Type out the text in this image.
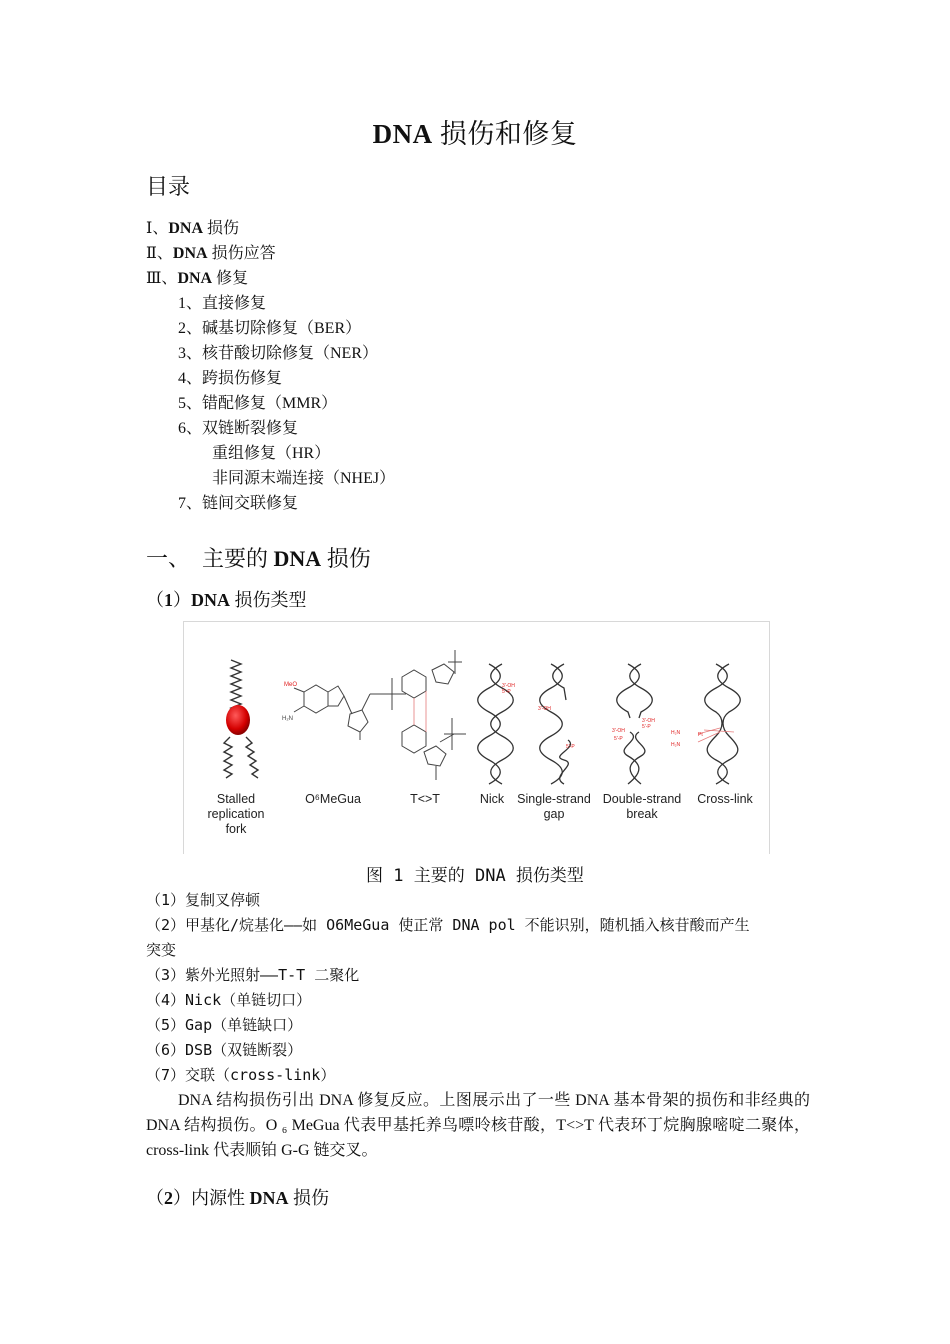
DNA 损伤和修复
目录
Ⅰ、DNA 损伤
Ⅱ、DNA 损伤应答
Ⅲ、DNA 修复
1、直接修复
2、碱基切除修复（BER）
3、核苷酸切除修复（NER）
4、跨损伤修复
5、错配修复（MMR）
6、双链断裂修复
重组修复（HR）
非同源末端连接（NHEJ）
7、链间交联修复
一、 主要的 DNA 损伤
（1）DNA 损伤类型
MeO
H₂N
3'-OH
5'-P
3'-OH
5'-P
3'-OH
5'-P
3'-OH
5'-P
H₂N
H₂N
Pt
Stalled
replication
fork
O⁶MeGua	T<>T	Nick	Single-strand
gap
Double-strand
break
Cross-link
图 1 主要的 DNA 损伤类型
（1）复制叉停顿
（2）甲基化/烷基化——如 O6MeGua 使正常 DNA pol 不能识别，随机插入核苷酸而产生
突变
（3）紫外光照射——T-T 二聚化
（4）Nick（单链切口）
（5）Gap（单链缺口）
（6）DSB（双链断裂）
（7）交联（cross-link）
DNA 结构损伤引出 DNA 修复反应。上图展示出了一些 DNA 基本骨架的损伤和非经典的 DNA 结构损伤。O ₆ MeGua 代表甲基托养鸟嘌呤核苷酸，T<>T 代表环丁烷胸腺嘧啶二聚体，cross-link 代表顺铂 G-G 链交叉。
（2）内源性 DNA 损伤
